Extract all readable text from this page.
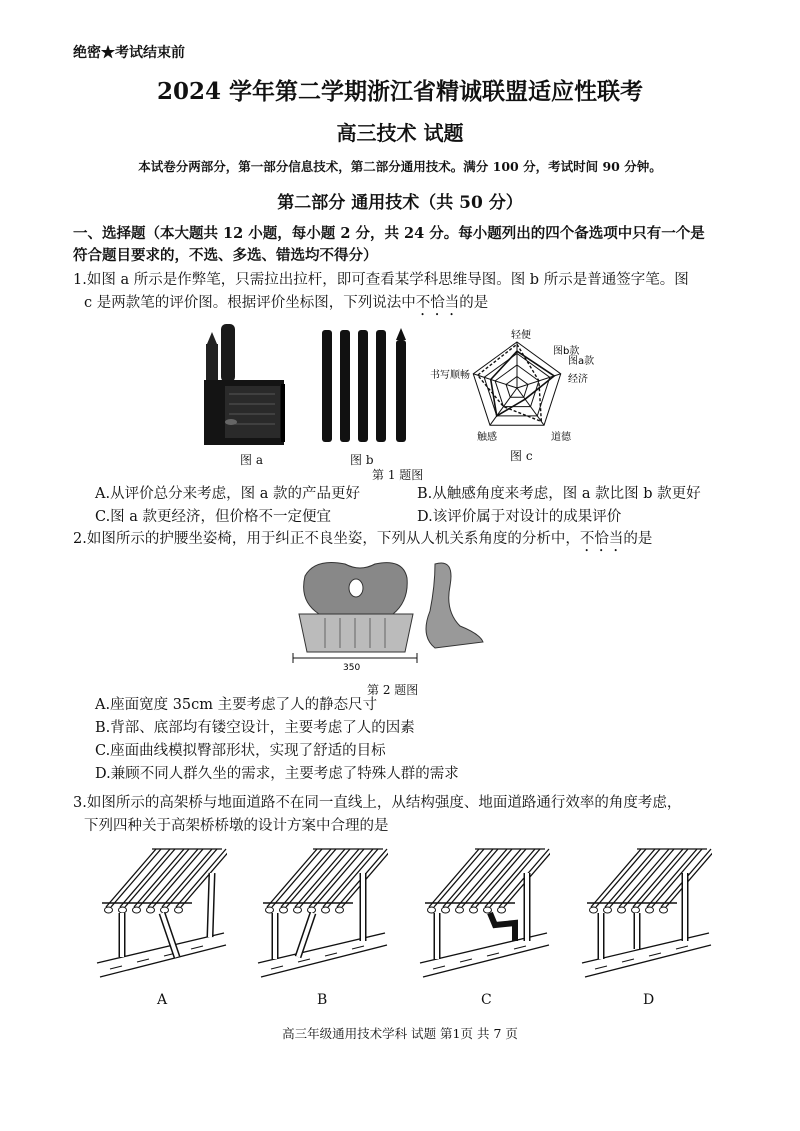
绝密★考试结束前
2024 学年第二学期浙江省精诚联盟适应性联考
高三技术 试题
本试卷分两部分，第一部分信息技术，第二部分通用技术。满分 100 分，考试时间 90 分钟。
第二部分 通用技术（共 50 分）
一、选择题（本大题共 12 小题，每小题 2 分，共 24 分。每小题列出的四个备选项中只有一个是
符合题目要求的，不选、多选、错选均不得分）
1.如图 a 所示是作弊笔，只需拉出拉杆，即可查看某学科思维导图。图 b 所示是普通签字笔。图
c 是两款笔的评价图。根据评价坐标图，下列说法中不恰当的是
图 a	图 b
轻便
图b款
图a款
经济
书写顺畅
触感	道德
图 c
第 1 题图
A.从评价总分来考虑，图 a 款的产品更好	B.从触感角度来考虑，图 a 款比图 b 款更好
C.图 a 款更经济，但价格不一定便宜	D.该评价属于对设计的成果评价
2.如图所示的护腰坐姿椅，用于纠正不良坐姿，下列从人机关系角度的分析中，不恰当的是
350
第 2 题图
A.座面宽度 35cm 主要考虑了人的静态尺寸
B.背部、底部均有镂空设计，主要考虑了人的因素
C.座面曲线模拟臀部形状，实现了舒适的目标
D.兼顾不同人群久坐的需求，主要考虑了特殊人群的需求
3.如图所示的高架桥与地面道路不在同一直线上，从结构强度、地面道路通行效率的角度考虑，
下列四种关于高架桥桥墩的设计方案中合理的是
A	B	C	D
高三年级通用技术学科 试题 第1页 共 7 页
